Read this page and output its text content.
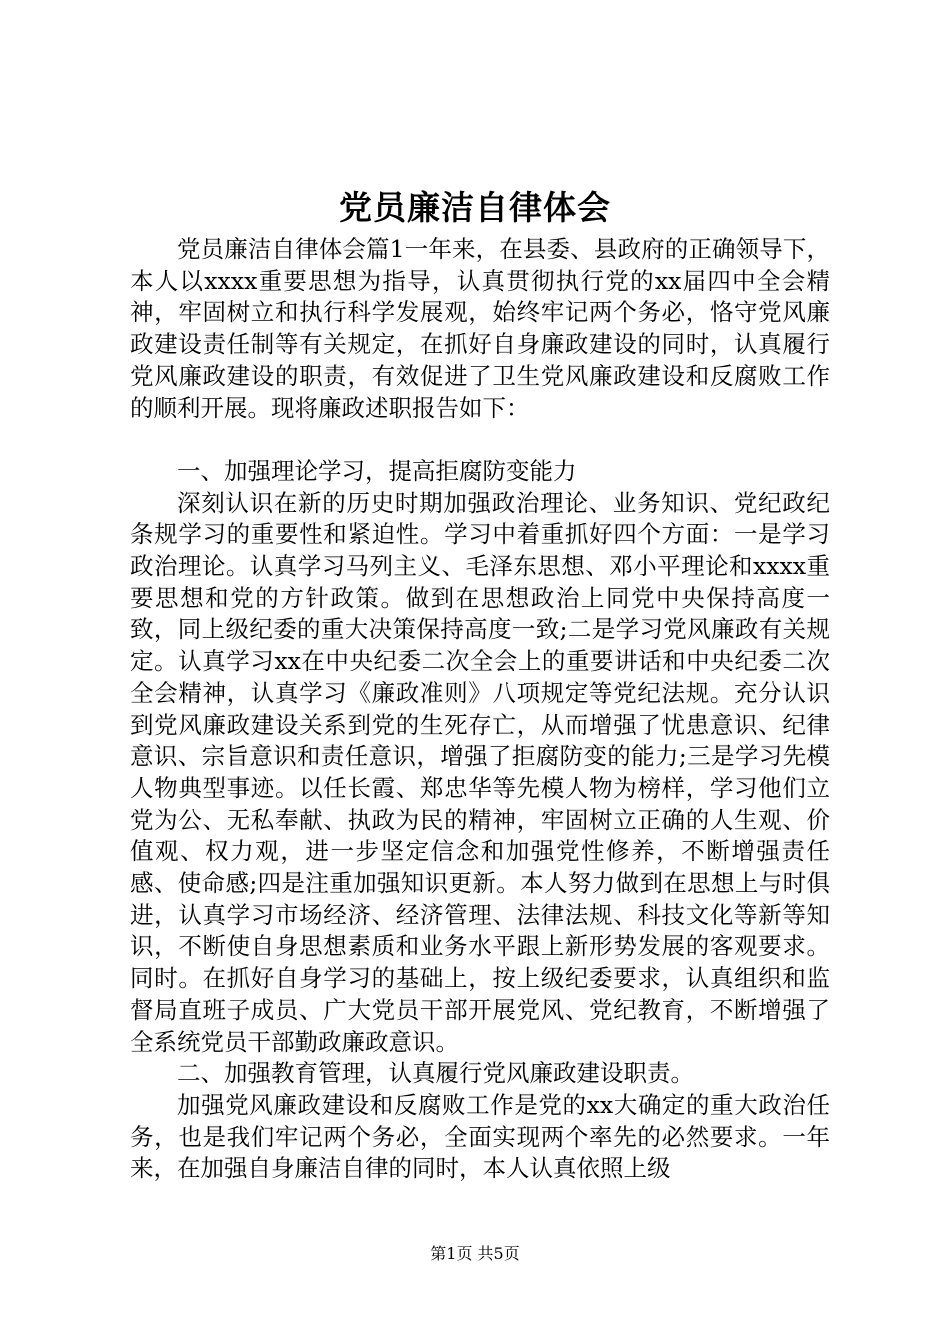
党员廉洁自律体会

党员廉洁自律体会篇1一年来，在县委、县政府的正确领导下，本人以xxxx重要思想为指导，认真贯彻执行党的xx届四中全会精神，牢固树立和执行科学发展观，始终牢记两个务必，恪守党风廉政建设责任制等有关规定，在抓好自身廉政建设的同时，认真履行党风廉政建设的职责，有效促进了卫生党风廉政建设和反腐败工作的顺利开展。现将廉政述职报告如下：

一、加强理论学习，提高拒腐防变能力

深刻认识在新的历史时期加强政治理论、业务知识、党纪政纪条规学习的重要性和紧迫性。学习中着重抓好四个方面：一是学习政治理论。认真学习马列主义、毛泽东思想、邓小平理论和xxxx重要思想和党的方针政策。做到在思想政治上同党中央保持高度一致，同上级纪委的重大决策保持高度一致;二是学习党风廉政有关规定。认真学习xx在中央纪委二次全会上的重要讲话和中央纪委二次全会精神，认真学习《廉政准则》八项规定等党纪法规。充分认识到党风廉政建设关系到党的生死存亡，从而增强了忧患意识、纪律意识、宗旨意识和责任意识，增强了拒腐防变的能力;三是学习先模人物典型事迹。以任长霞、郑忠华等先模人物为榜样，学习他们立党为公、无私奉献、执政为民的精神，牢固树立正确的人生观、价值观、权力观，进一步坚定信念和加强党性修养，不断增强责任感、使命感;四是注重加强知识更新。本人努力做到在思想上与时俱进，认真学习市场经济、经济管理、法律法规、科技文化等新等知识，不断使自身思想素质和业务水平跟上新形势发展的客观要求。同时。在抓好自身学习的基础上，按上级纪委要求，认真组织和监督局直班子成员、广大党员干部开展党风、党纪教育，不断增强了全系统党员干部勤政廉政意识。

二、加强教育管理，认真履行党风廉政建设职责。

加强党风廉政建设和反腐败工作是党的xx大确定的重大政治任务，也是我们牢记两个务必，全面实现两个率先的必然要求。一年来，在加强自身廉洁自律的同时，本人认真依照上级

第1页 共5页
